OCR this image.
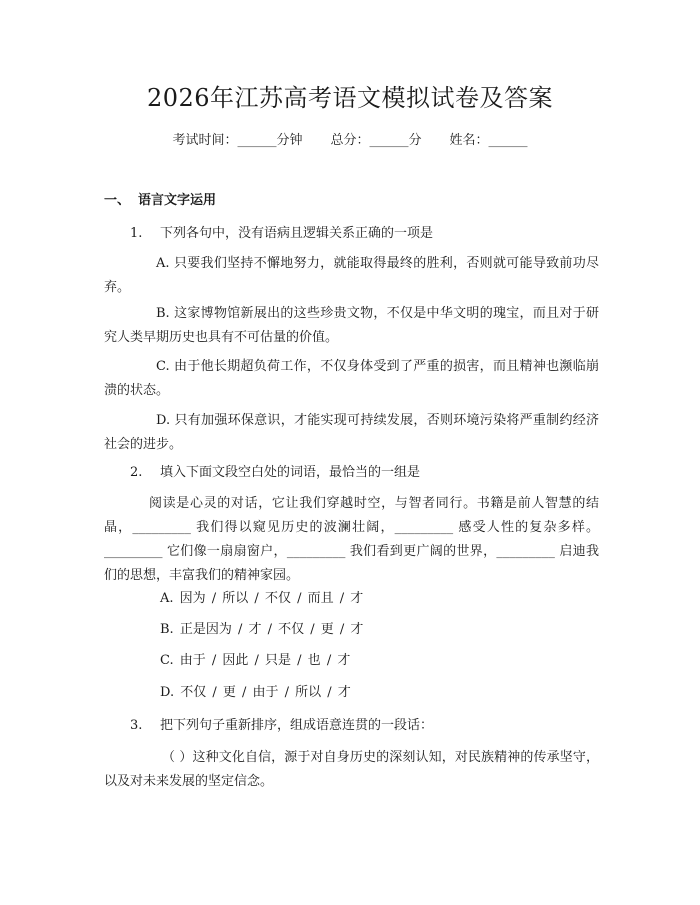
2026年江苏高考语文模拟试卷及答案
考试时间：______分钟 总分：______分 姓名：______
一、 语言文字运用
1. 下列各句中，没有语病且逻辑关系正确的一项是
A. 只要我们坚持不懈地努力，就能取得最终的胜利，否则就可能导致前功尽弃。
B. 这家博物馆新展出的这些珍贵文物，不仅是中华文明的瑰宝，而且对于研究人类早期历史也具有不可估量的价值。
C. 由于他长期超负荷工作，不仅身体受到了严重的损害，而且精神也濒临崩溃的状态。
D. 只有加强环保意识，才能实现可持续发展，否则环境污染将严重制约经济社会的进步。
2. 填入下面文段空白处的词语，最恰当的一组是
阅读是心灵的对话，它让我们穿越时空，与智者同行。书籍是前人智慧的结晶，_________ 我们得以窥见历史的波澜壮阔，_________ 感受人性的复杂多样。_________ 它们像一扇扇窗户，_________ 我们看到更广阔的世界，_________ 启迪我们的思想，丰富我们的精神家园。
A. 因为 / 所以 / 不仅 / 而且 / 才
B. 正是因为 / 才 / 不仅 / 更 / 才
C. 由于 / 因此 / 只是 / 也 / 才
D. 不仅 / 更 / 由于 / 所以 / 才
3. 把下列句子重新排序，组成语意连贯的一段话：
（ ）这种文化自信，源于对自身历史的深刻认知，对民族精神的传承坚守，以及对未来发展的坚定信念。
